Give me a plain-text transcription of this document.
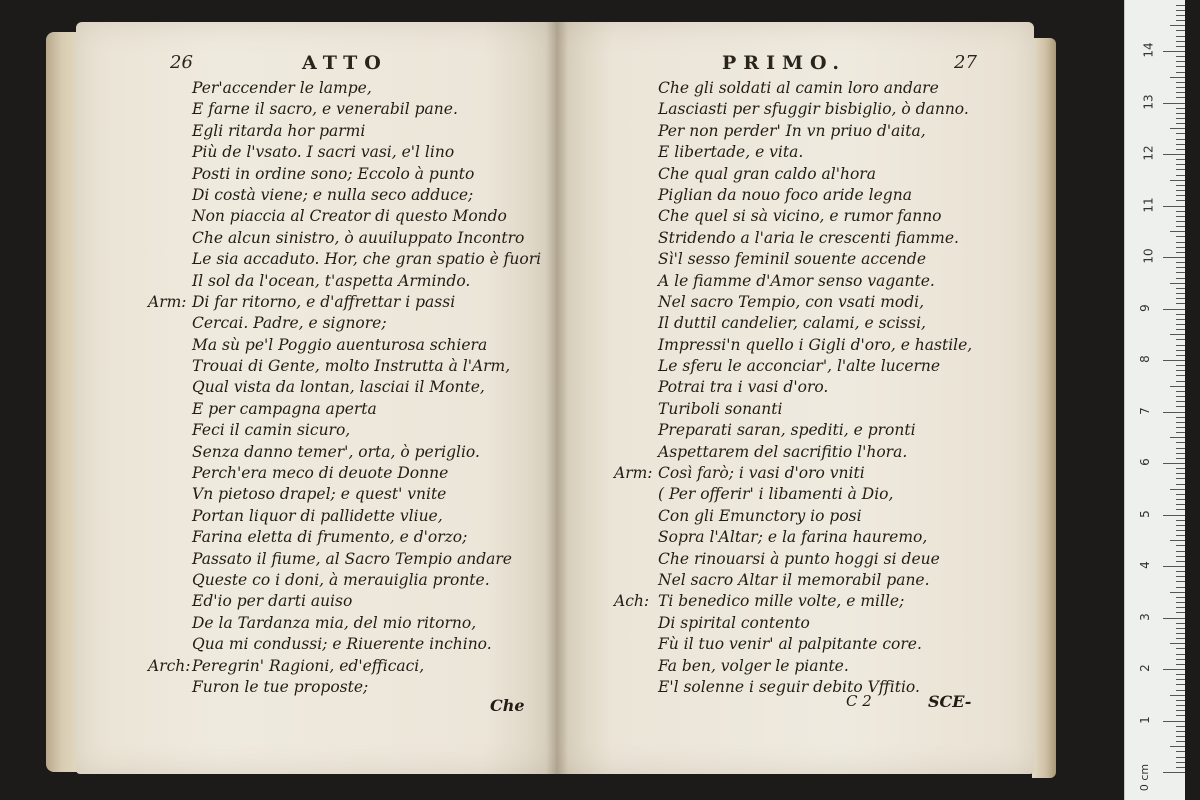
26	ATTO
Per'accender le lampe,
E farne il sacro, e venerabil pane.
Egli ritarda hor parmi
Più de l'vsato. I sacri vasi, e'l lino
Posti in ordine sono; Eccolo à punto
Di costà viene; e nulla seco adduce;
Non piaccia al Creator di questo Mondo
Che alcun sinistro, ò auuiluppato Incontro
Le sia accaduto. Hor, che gran spatio è fuori
Il sol da l'ocean, t'aspetta Armindo.
Arm: Di far ritorno, e d'affrettar i passi
Cercai. Padre, e signore;
Ma sù pe'l Poggio auenturosa schiera
Trouai di Gente, molto Instrutta à l'Arm,
Qual vista da lontan, lasciai il Monte,
E per campagna aperta
Feci il camin sicuro,
Senza danno temer', orta, ò periglio.
Perch'era meco di deuote Donne
Vn pietoso drapel; e quest' vnite
Portan liquor di pallidette vliue,
Farina eletta di frumento, e d'orzo;
Passato il fiume, al Sacro Tempio andare
Queste co i doni, à merauiglia pronte.
Ed'io per darti auiso
De la Tardanza mia, del mio ritorno,
Qua mi condussi; e Riuerente inchino.
Arch: Peregrin' Ragioni, ed'efficaci,
Furon le tue proposte;
Che
PRIMO.	27
Che gli soldati al camin loro andare
Lasciasti per sfuggir bisbiglio, ò danno.
Per non perder' In vn priuo d'aita,
E libertade, e vita.
Che qual gran caldo al'hora
Piglian da nouo foco aride legna
Che quel si sà vicino, e rumor fanno
Stridendo a l'aria le crescenti fiamme.
Sì'l sesso feminil souente accende
A le fiamme d'Amor senso vagante.
Nel sacro Tempio, con vsati modi,
Il duttil candelier, calami, e scissi,
Impressi'n quello i Gigli d'oro, e hastile,
Le sferu le acconciar', l'alte lucerne
Potrai tra i vasi d'oro.
Turiboli sonanti
Preparati saran, spediti, e pronti
Aspettarem del sacrifitio l'hora.
Arm: Così farò; i vasi d'oro vniti
( Per offerir' i libamenti à Dio,
Con gli Emunctory io posi
Sopra l'Altar; e la farina hauremo,
Che rinouarsi à punto hoggi si deue
Nel sacro Altar il memorabil pane.
Ach: Ti benedico mille volte, e mille;
Di spirital contento
Fù il tuo venir' al palpitante core.
Fa ben, volger le piante.
E'l solenne i seguir debito Vffitio.
C 2	SCE-
0 cm
1
2
3
4
5
6
7
8
9
10
11
12
13
14
